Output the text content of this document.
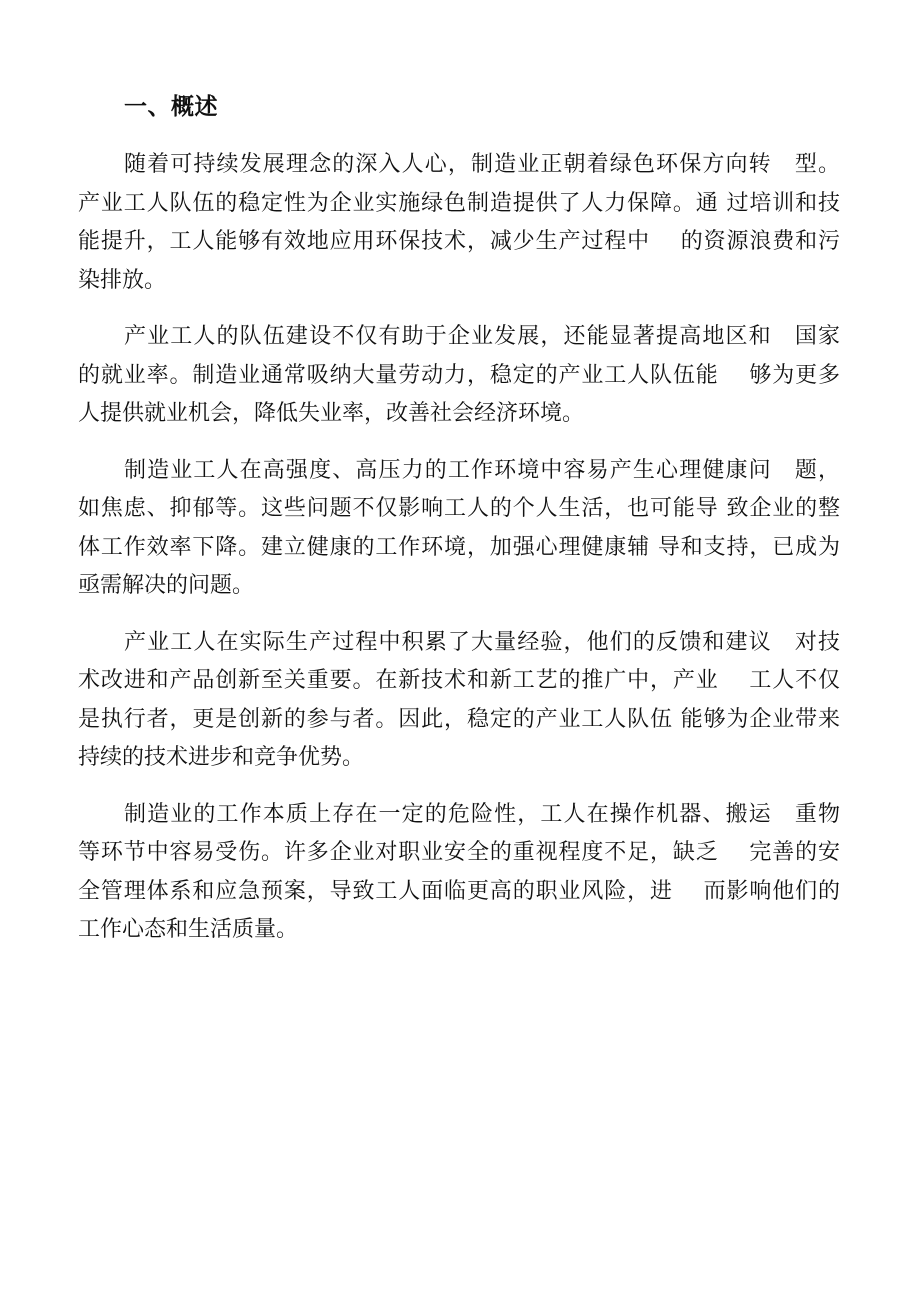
一、概述
随着可持续发展理念的深入人心，制造业正朝着绿色环保方向转　型。
产业工人队伍的稳定性为企业实施绿色制造提供了人力保障。通 过培训和技
能提升，工人能够有效地应用环保技术，减少生产过程中　 的资源浪费和污
染排放。
产业工人的队伍建设不仅有助于企业发展，还能显著提高地区和　国家
的就业率。制造业通常吸纳大量劳动力，稳定的产业工人队伍能　 够为更多
人提供就业机会，降低失业率，改善社会经济环境。
制造业工人在高强度、高压力的工作环境中容易产生心理健康问　题，
如焦虑、抑郁等。这些问题不仅影响工人的个人生活，也可能导 致企业的整
体工作效率下降。建立健康的工作环境，加强心理健康辅 导和支持，已成为
亟需解决的问题。
产业工人在实际生产过程中积累了大量经验，他们的反馈和建议　对技
术改进和产品创新至关重要。在新技术和新工艺的推广中，产业　 工人不仅
是执行者，更是创新的参与者。因此，稳定的产业工人队伍 能够为企业带来
持续的技术进步和竞争优势。
制造业的工作本质上存在一定的危险性，工人在操作机器、搬运　重物
等环节中容易受伤。许多企业对职业安全的重视程度不足，缺乏　 完善的安
全管理体系和应急预案，导致工人面临更高的职业风险，进　 而影响他们的
工作心态和生活质量。
